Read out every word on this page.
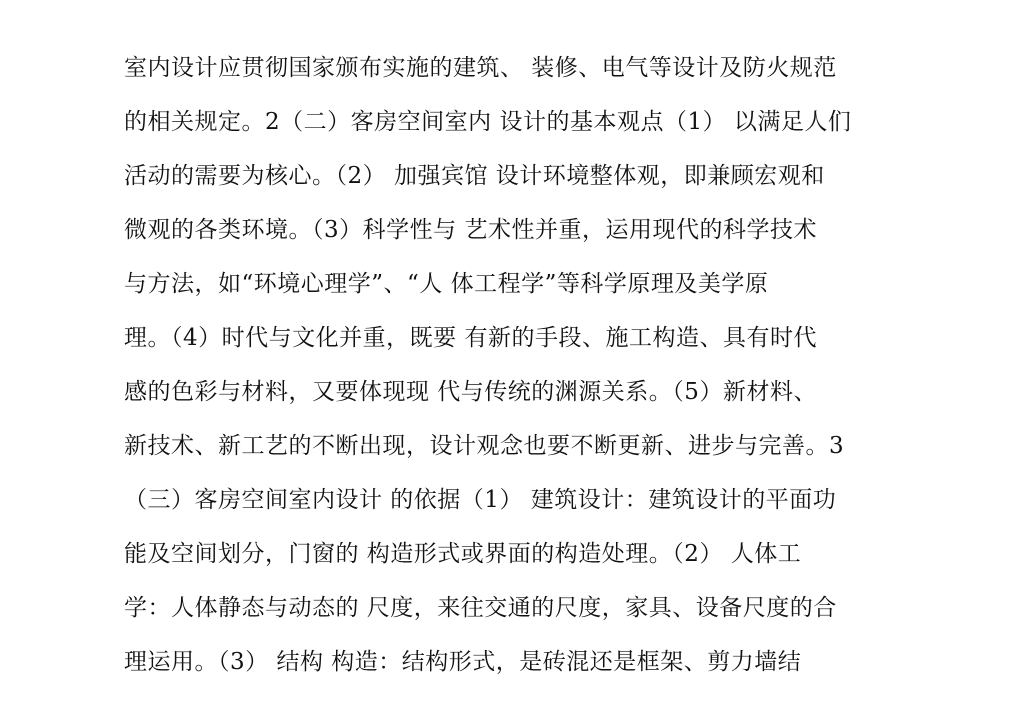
室内设计应贯彻国家颁布实施的建筑、 装修、电气等设计及防火规范
的相关规定。2（二）客房空间室内 设计的基本观点（1） 以满足人们
活动的需要为核心。（2） 加强宾馆 设计环境整体观，即兼顾宏观和
微观的各类环境。（3）科学性与 艺术性并重，运用现代的科学技术
与方法，如“环境心理学”、“人 体工程学”等科学原理及美学原
理。（4）时代与文化并重，既要 有新的手段、施工构造、具有时代
感的色彩与材料，又要体现现 代与传统的渊源关系。（5）新材料、
新技术、新工艺的不断出现，设计观念也要不断更新、进步与完善。3
（三）客房空间室内设计 的依据（1） 建筑设计：建筑设计的平面功
能及空间划分，门窗的 构造形式或界面的构造处理。（2） 人体工
学：人体静态与动态的 尺度，来往交通的尺度，家具、设备尺度的合
理运用。（3） 结构 构造：结构形式，是砖混还是框架、剪力墙结
